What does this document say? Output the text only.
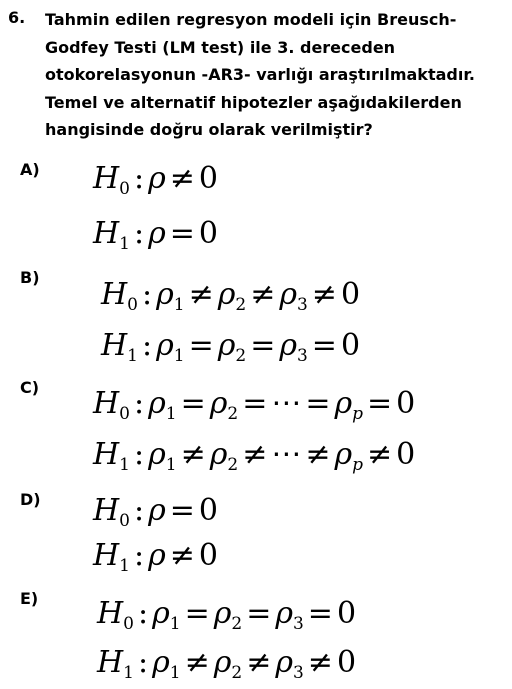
6. Tahmin edilen regresyon modeli için Breusch-
Godfey Testi (LM test) ile 3. dereceden
otokorelasyonun -AR3- varlığı araştırılmaktadır.
Temel ve alternatif hipotezler aşağıdakilerden
hangisinde doğru olarak verilmiştir?
A) $H_0$ : ρ ≠ 0
$H_1$ : ρ = 0
B) $H_0$ : $\rho_1 \ne \rho_2 \ne \rho_3 \ne 0$
$H_1$ : $\rho_1 = \rho_2 = \rho_3 = 0$
C) $H_0$ : $\rho_1 = \rho_2$ = ⋯ = $\rho_p = 0$
$H_1$ : $\rho_1 \ne \rho_2$ ≠ ⋯ ≠ $\rho_p \ne 0$
D) $H_0$ : ρ = 0
$H_1$ : ρ ≠ 0
E) $H_0$ : $\rho_1 = \rho_2 = \rho_3 = 0$
$H_1$ : $\rho_1 \ne \rho_2 \ne \rho_3 \ne 0$
